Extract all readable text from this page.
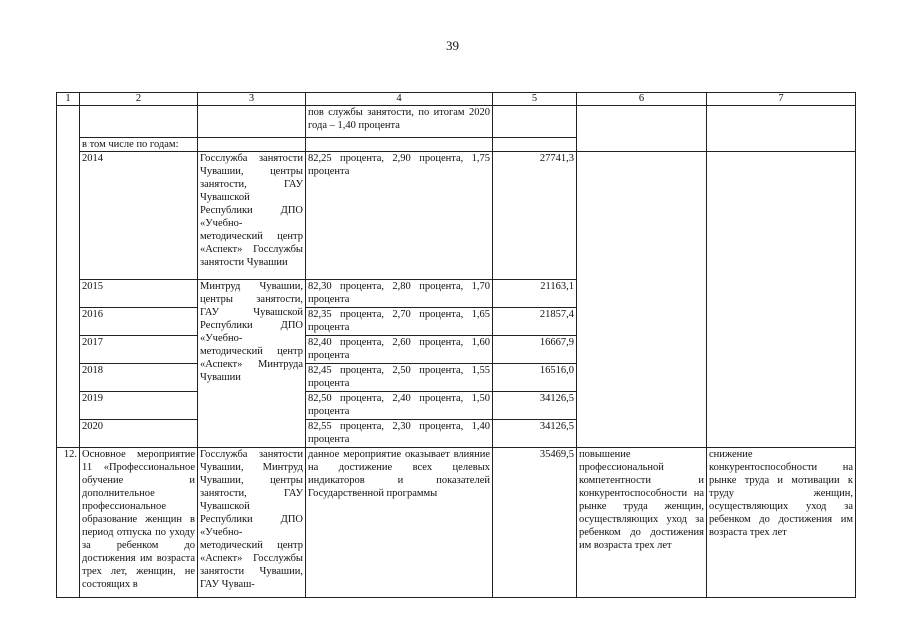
39
1	2	3	4	5	6	7
			пов службы занятости, по итогам 2020 года – 1,40 процента			
	в том числе по годам:					
	2014	Госслужба занятости Чувашии, центры занятости, ГАУ Чувашской Республики ДПО «Учебно-методический центр «Аспект» Госслужбы занятости Чувашии	82,25 процента, 2,90 процента, 1,75 процента	27741,3		
	2015	Минтруд Чувашии, центры занятости, ГАУ Чувашской Республики ДПО «Учебно-методический центр «Аспект» Минтруда Чувашии	82,30 процента, 2,80 процента, 1,70 процента	21163,1		
	2016		82,35 процента, 2,70 процента, 1,65 процента	21857,4		
	2017		82,40 процента, 2,60 процента, 1,60 процента	16667,9		
	2018		82,45 процента, 2,50 процента, 1,55 процента	16516,0		
	2019		82,50 процента, 2,40 процента, 1,50 процента	34126,5		
	2020		82,55 процента, 2,30 процента, 1,40 процента	34126,5		
12.	Основное мероприятие 11 «Профессиональное обучение и дополнительное профессиональное образование женщин в период отпуска по уходу за ребенком до достижения им возраста трех лет, женщин, не состоящих в	Госслужба занятости Чувашии, Минтруд Чувашии, центры занятости, ГАУ Чувашской Республики ДПО «Учебно-методический центр «Аспект» Госслужбы занятости Чувашии, ГАУ Чуваш-	данное мероприятие оказывает влияние на достижение всех целевых индикаторов и показателей Государственной программы	35469,5	повышение профессиональной компетентности и конкурентоспособности на рынке труда женщин, осуществляющих уход за ребенком до достижения им возраста трех лет	снижение конкурентоспособности на рынке труда и мотивации к труду женщин, осуществляющих уход за ребенком до достижения им возраста трех лет
